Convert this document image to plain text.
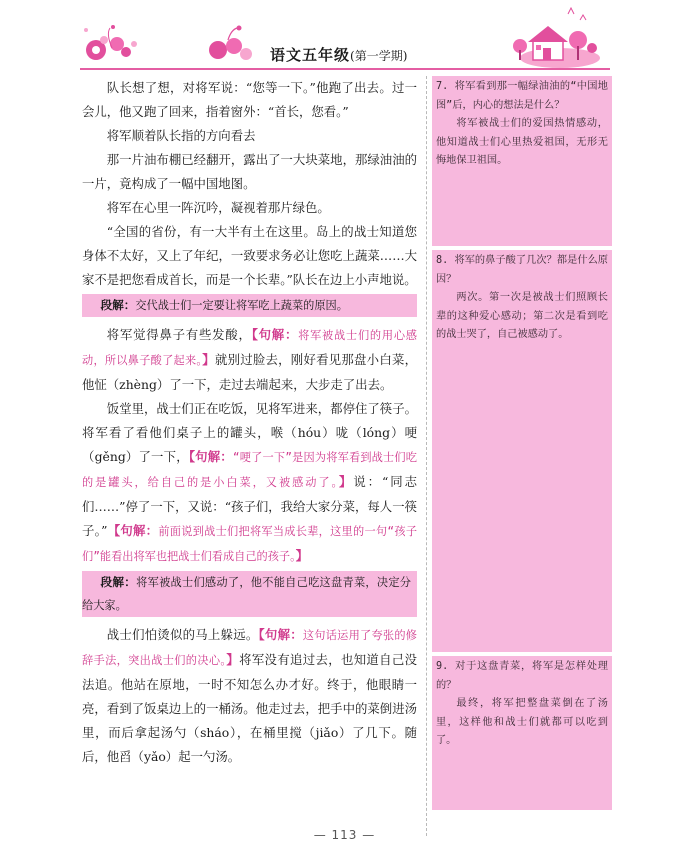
语文五年级(第一学期)

队长想了想，对将军说：“您等一下。”他跑了出去。过一会儿，他又跑了回来，指着窗外：“首长，您看。”

将军顺着队长指的方向看去

那一片油布棚已经翻开，露出了一大块菜地，那绿油油的一片，竟构成了一幅中国地图。

将军在心里一阵沉吟，凝视着那片绿色。

“全国的省份，有一大半有土在这里。岛上的战士知道您身体不太好，又上了年纪，一致要求务必让您吃上蔬菜……大家不是把您看成首长，而是一个长辈。”队长在边上小声地说。

段解：交代战士们一定要让将军吃上蔬菜的原因。

将军觉得鼻子有些发酸，【句解：将军被战士们的用心感动，所以鼻子酸了起来。】就别过脸去，刚好看见那盘小白菜，他怔（zhèng）了一下，走过去端起来，大步走了出去。

饭堂里，战士们正在吃饭，见将军进来，都停住了筷子。将军看了看他们桌子上的罐头，喉（hóu）咙（lóng）哽（gěng）了一下，【句解：“哽了一下”是因为将军看到战士们吃的是罐头，给自己的是小白菜，又被感动了。】说：“同志们……”停了一下，又说：“孩子们，我给大家分菜，每人一筷子。”【句解：前面说到战士们把将军当成长辈，这里的一句“孩子们”能看出将军也把战士们看成自己的孩子。】

段解：将军被战士们感动了，他不能自己吃这盘青菜，决定分给大家。

战士们怕烫似的马上躲远。【句解：这句话运用了夸张的修辞手法，突出战士们的决心。】将军没有追过去，也知道自己没法追。他站在原地，一时不知怎么办才好。终于，他眼睛一亮，看到了饭桌边上的一桶汤。他走过去，把手中的菜倒进汤里，而后拿起汤勺（sháo），在桶里搅（jiǎo）了几下。随后，他舀（yǎo）起一勺汤。

7. 将军看到那一幅绿油油的“中国地图”后，内心的想法是什么？

将军被战士们的爱国热情感动，他知道战士们心里热爱祖国，无形无悔地保卫祖国。

8. 将军的鼻子酸了几次？都是什么原因？

两次。第一次是被战士们照顾长辈的这种爱心感动；第二次是看到吃的战士哭了，自己被感动了。

9. 对于这盘青菜，将军是怎样处理的？

最终，将军把整盘菜倒在了汤里，这样他和战士们就都可以吃到了。

— 113 —
